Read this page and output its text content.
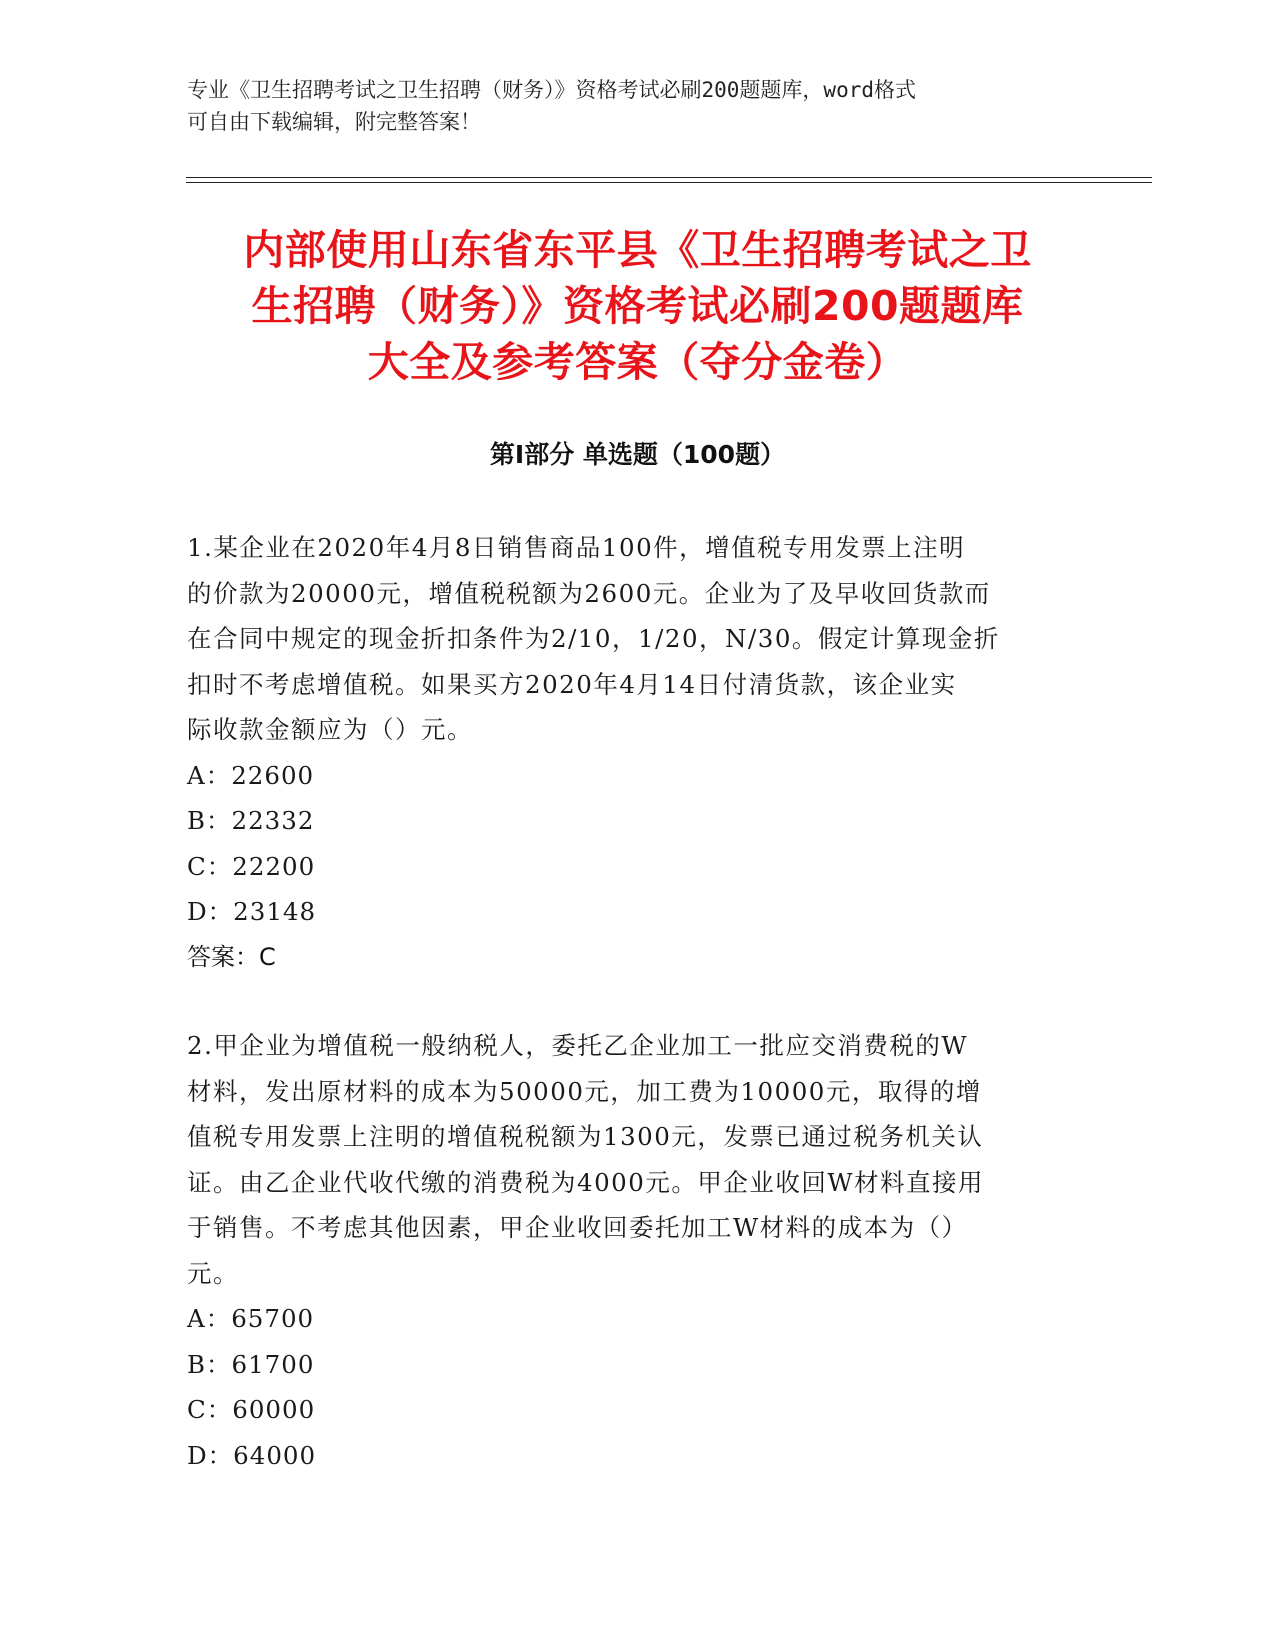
专业《卫生招聘考试之卫生招聘（财务）》资格考试必刷200题题库，word格式
可自由下载编辑，附完整答案！
内部使用山东省东平县《卫生招聘考试之卫
生招聘（财务）》资格考试必刷200题题库
大全及参考答案（夺分金卷）
第Ⅰ部分 单选题（100题）
1.某企业在2020年4月8日销售商品100件，增值税专用发票上注明
的价款为20000元，增值税税额为2600元。企业为了及早收回货款而
在合同中规定的现金折扣条件为2/10，1/20，N/30。假定计算现金折
扣时不考虑增值税。如果买方2020年4月14日付清货款，该企业实
际收款金额应为（）元。
A：22600
B：22332
C：22200
D：23148
答案：C
2.甲企业为增值税一般纳税人，委托乙企业加工一批应交消费税的W
材料，发出原材料的成本为50000元，加工费为10000元，取得的增
值税专用发票上注明的增值税税额为1300元，发票已通过税务机关认
证。由乙企业代收代缴的消费税为4000元。甲企业收回W材料直接用
于销售。不考虑其他因素，甲企业收回委托加工W材料的成本为（）
元。
A：65700
B：61700
C：60000
D：64000
